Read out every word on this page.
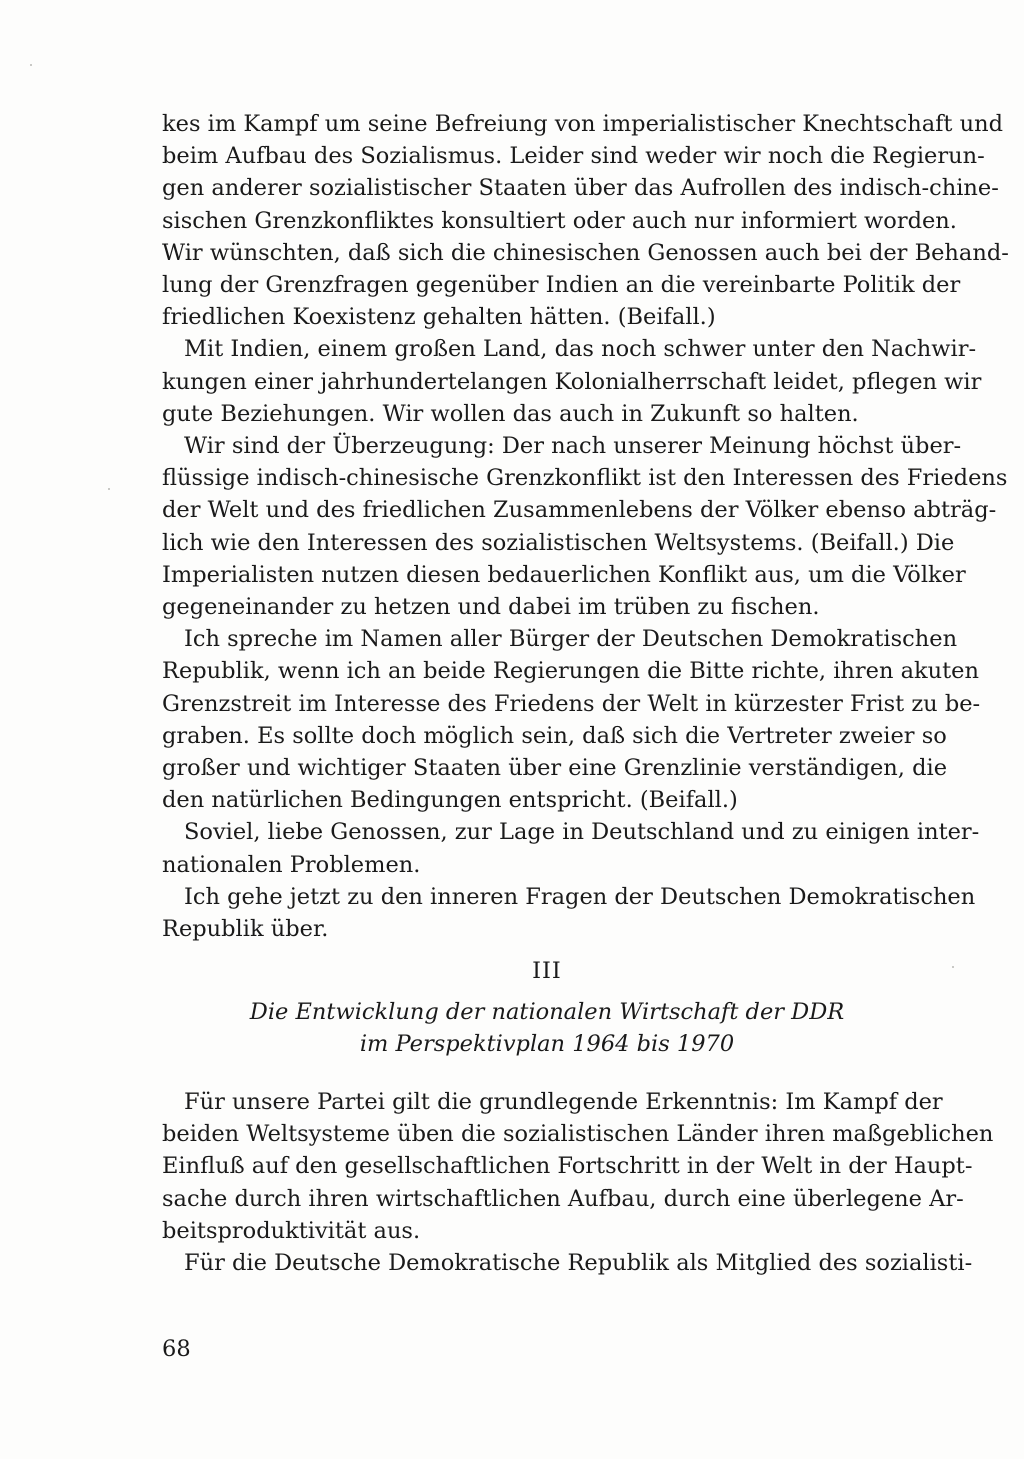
kes im Kampf um seine Befreiung von imperialistischer Knechtschaft und
beim Aufbau des Sozialismus. Leider sind weder wir noch die Regierun-
gen anderer sozialistischer Staaten über das Aufrollen des indisch-chine-
sischen Grenzkonfliktes konsultiert oder auch nur informiert worden.
Wir wünschten, daß sich die chinesischen Genossen auch bei der Behand-
lung der Grenzfragen gegenüber Indien an die vereinbarte Politik der
friedlichen Koexistenz gehalten hätten. (Beifall.)

Mit Indien, einem großen Land, das noch schwer unter den Nachwir-
kungen einer jahrhundertelangen Kolonialherrschaft leidet, pflegen wir
gute Beziehungen. Wir wollen das auch in Zukunft so halten.

Wir sind der Überzeugung: Der nach unserer Meinung höchst über-
flüssige indisch-chinesische Grenzkonflikt ist den Interessen des Friedens
der Welt und des friedlichen Zusammenlebens der Völker ebenso abträg-
lich wie den Interessen des sozialistischen Weltsystems. (Beifall.) Die
Imperialisten nutzen diesen bedauerlichen Konflikt aus, um die Völker
gegeneinander zu hetzen und dabei im trüben zu fischen.

Ich spreche im Namen aller Bürger der Deutschen Demokratischen
Republik, wenn ich an beide Regierungen die Bitte richte, ihren akuten
Grenzstreit im Interesse des Friedens der Welt in kürzester Frist zu be-
graben. Es sollte doch möglich sein, daß sich die Vertreter zweier so
großer und wichtiger Staaten über eine Grenzlinie verständigen, die
den natürlichen Bedingungen entspricht. (Beifall.)

Soviel, liebe Genossen, zur Lage in Deutschland und zu einigen inter-
nationalen Problemen.

Ich gehe jetzt zu den inneren Fragen der Deutschen Demokratischen
Republik über.

III
Die Entwicklung der nationalen Wirtschaft der DDR
im Perspektivplan 1964 bis 1970

Für unsere Partei gilt die grundlegende Erkenntnis: Im Kampf der
beiden Weltsysteme üben die sozialistischen Länder ihren maßgeblichen
Einfluß auf den gesellschaftlichen Fortschritt in der Welt in der Haupt-
sache durch ihren wirtschaftlichen Aufbau, durch eine überlegene Ar-
beitsproduktivität aus.

Für die Deutsche Demokratische Republik als Mitglied des sozialisti-

68
